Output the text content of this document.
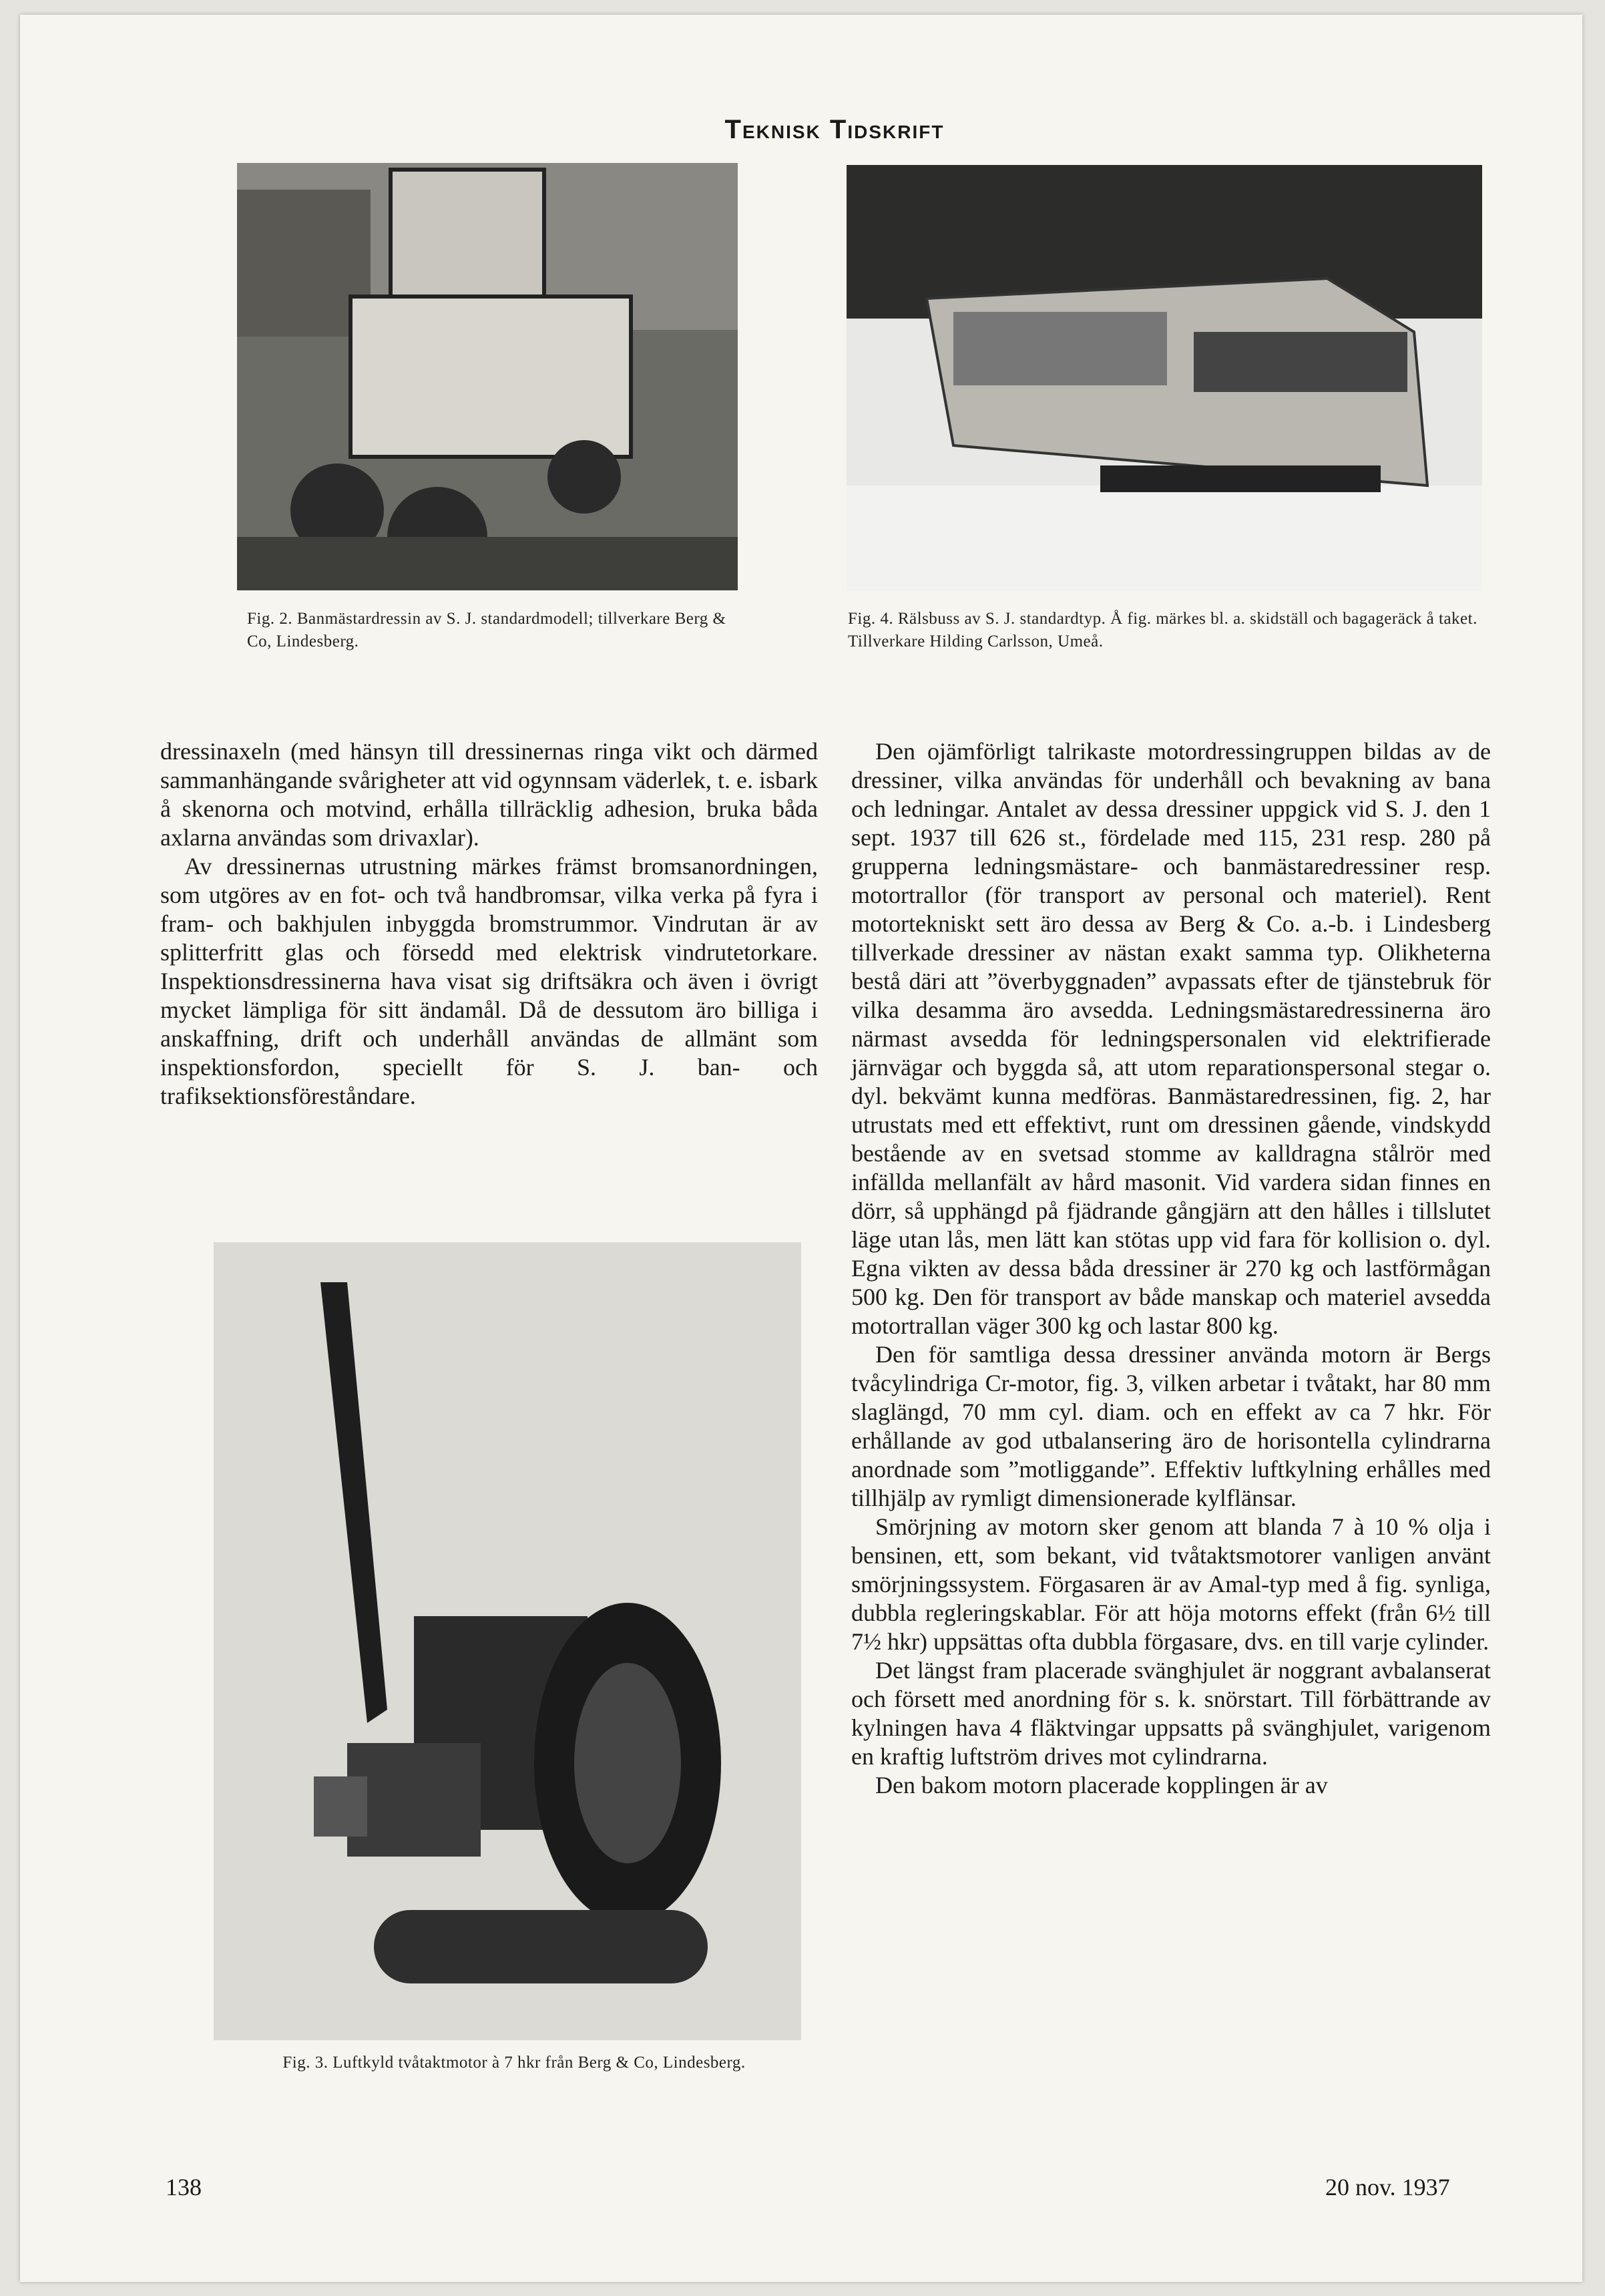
Teknisk Tidskrift
Fig. 2. Banmästardressin av S. J. standardmodell; tillverkare Berg & Co, Lindesberg.
Fig. 4. Rälsbuss av S. J. standardtyp. Å fig. märkes bl. a. skidställ och bagageräck å taket. Tillverkare Hilding Carlsson, Umeå.

dressinaxeln (med hänsyn till dressinernas ringa vikt och därmed sammanhängande svårigheter att vid ogynnsam väderlek, t. e. isbark å skenorna och motvind, erhålla tillräcklig adhesion, bruka båda axlarna användas som drivaxlar).

Av dressinernas utrustning märkes främst bromsanordningen, som utgöres av en fot- och två handbromsar, vilka verka på fyra i fram- och bakhjulen inbyggda bromstrummor. Vindrutan är av splitterfritt glas och försedd med elektrisk vindrutetorkare. Inspektionsdressinerna hava visat sig driftsäkra och även i övrigt mycket lämpliga för sitt ändamål. Då de dessutom äro billiga i anskaffning, drift och underhåll användas de allmänt som inspektionsfordon, speciellt för S. J. ban- och trafiksektionsföreståndare.

Fig. 3. Luftkyld tvåtaktmotor à 7 hkr från Berg & Co, Lindesberg.

Den ojämförligt talrikaste motordressingruppen bildas av de dressiner, vilka användas för underhåll och bevakning av bana och ledningar. Antalet av dessa dressiner uppgick vid S. J. den 1 sept. 1937 till 626 st., fördelade med 115, 231 resp. 280 på grupperna ledningsmästare- och banmästaredressiner resp. motortrallor (för transport av personal och materiel). Rent motortekniskt sett äro dessa av Berg & Co. a.-b. i Lindesberg tillverkade dressiner av nästan exakt samma typ. Olikheterna bestå däri att ”överbyggnaden” avpassats efter de tjänstebruk för vilka desamma äro avsedda. Ledningsmästaredressinerna äro närmast avsedda för ledningspersonalen vid elektrifierade järnvägar och byggda så, att utom reparationspersonal stegar o. dyl. bekvämt kunna medföras. Banmästaredressinen, fig. 2, har utrustats med ett effektivt, runt om dressinen gående, vindskydd bestående av en svetsad stomme av kalldragna stålrör med infällda mellanfält av hård masonit. Vid vardera sidan finnes en dörr, så upphängd på fjädrande gångjärn att den hålles i tillslutet läge utan lås, men lätt kan stötas upp vid fara för kollision o. dyl. Egna vikten av dessa båda dressiner är 270 kg och lastförmågan 500 kg. Den för transport av både manskap och materiel avsedda motortrallan väger 300 kg och lastar 800 kg.

Den för samtliga dessa dressiner använda motorn är Bergs tvåcylindriga Cr-motor, fig. 3, vilken arbetar i tvåtakt, har 80 mm slaglängd, 70 mm cyl. diam. och en effekt av ca 7 hkr. För erhållande av god utbalansering äro de horisontella cylindrarna anordnade som ”motliggande”. Effektiv luftkylning erhålles med tillhjälp av rymligt dimensionerade kylflänsar.

Smörjning av motorn sker genom att blanda 7 à 10 % olja i bensinen, ett, som bekant, vid tvåtaktsmotorer vanligen använt smörjningssystem. Förgasaren är av Amal-typ med å fig. synliga, dubbla regleringskablar. För att höja motorns effekt (från 6½ till 7½ hkr) uppsättas ofta dubbla förgasare, dvs. en till varje cylinder.

Det längst fram placerade svänghjulet är noggrant avbalanserat och försett med anordning för s. k. snörstart. Till förbättrande av kylningen hava 4 fläktvingar uppsatts på svänghjulet, varigenom en kraftig luftström drives mot cylindrarna.

Den bakom motorn placerade kopplingen är av

138	20 nov. 1937
